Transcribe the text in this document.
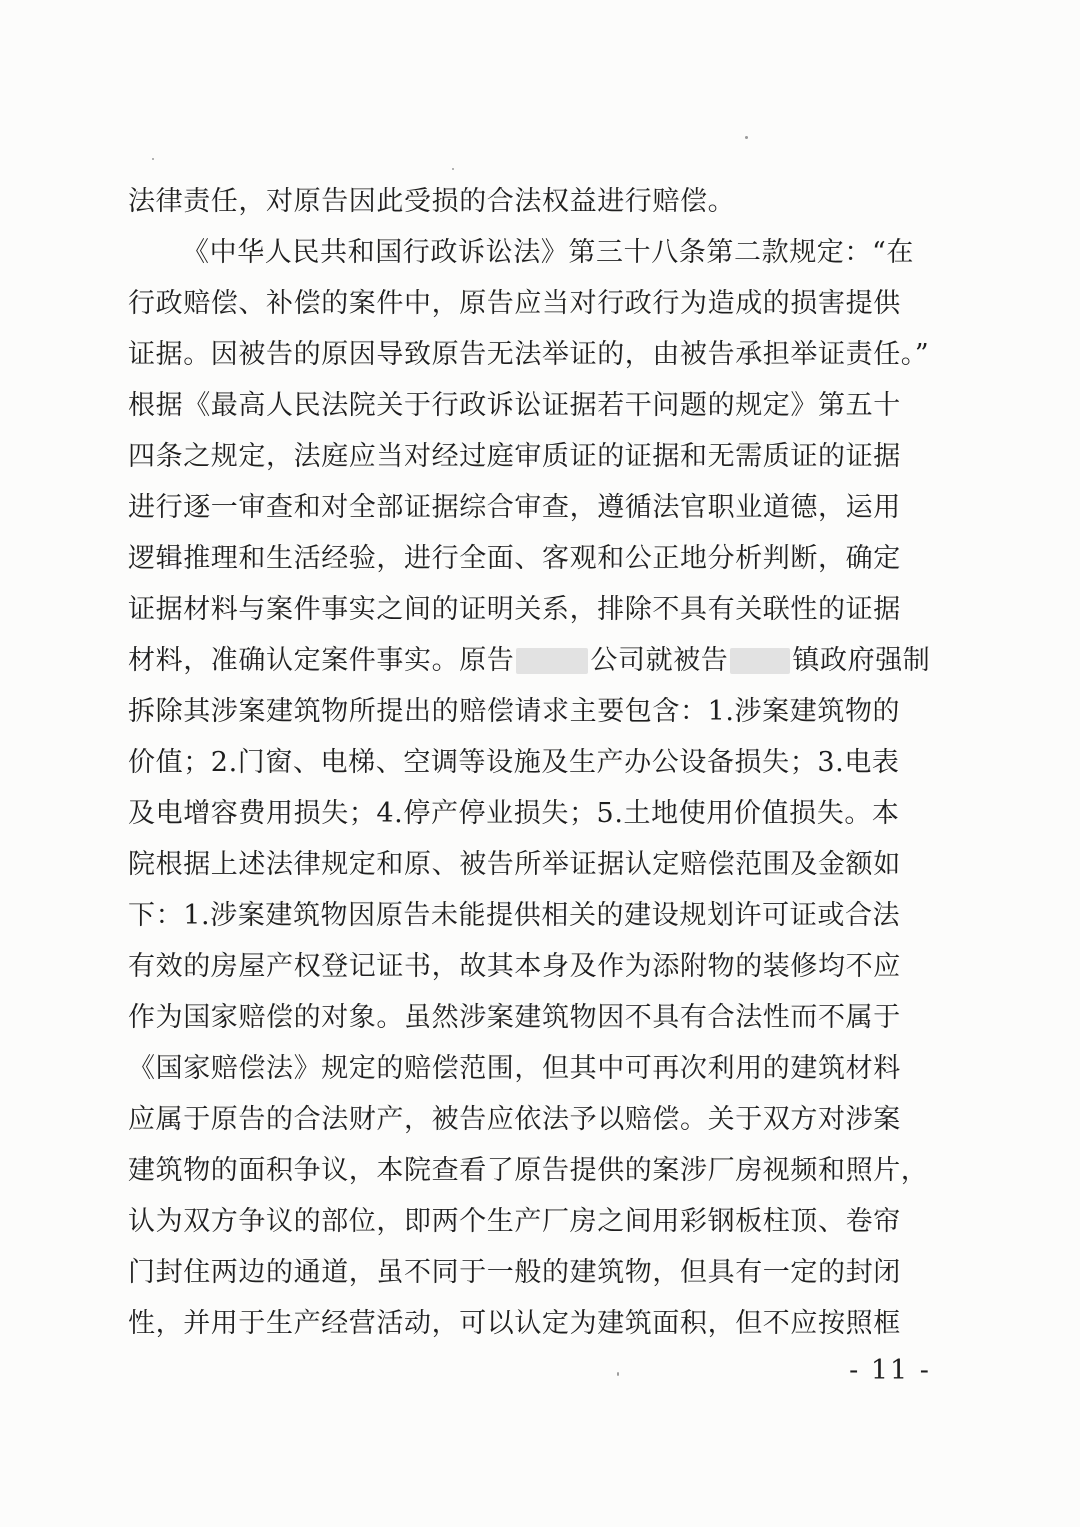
法律责任，对原告因此受损的合法权益进行赔偿。
《中华人民共和国行政诉讼法》第三十八条第二款规定：“在
行政赔偿、补偿的案件中，原告应当对行政行为造成的损害提供
证据。因被告的原因导致原告无法举证的，由被告承担举证责任。”
根据《最高人民法院关于行政诉讼证据若干问题的规定》第五十
四条之规定，法庭应当对经过庭审质证的证据和无需质证的证据
进行逐一审查和对全部证据综合审查，遵循法官职业道德，运用
逻辑推理和生活经验，进行全面、客观和公正地分析判断，确定
证据材料与案件事实之间的证明关系，排除不具有关联性的证据
材料，准确认定案件事实。原告	公司就被告 镇政府强制
拆除其涉案建筑物所提出的赔偿请求主要包含：1.涉案建筑物的
价值；2.门窗、电梯、空调等设施及生产办公设备损失；3.电表
及电增容费用损失；4.停产停业损失；5.土地使用价值损失。本
院根据上述法律规定和原、被告所举证据认定赔偿范围及金额如
下：1.涉案建筑物因原告未能提供相关的建设规划许可证或合法
有效的房屋产权登记证书，故其本身及作为添附物的装修均不应
作为国家赔偿的对象。虽然涉案建筑物因不具有合法性而不属于
《国家赔偿法》规定的赔偿范围，但其中可再次利用的建筑材料
应属于原告的合法财产，被告应依法予以赔偿。关于双方对涉案
建筑物的面积争议，本院查看了原告提供的案涉厂房视频和照片，
认为双方争议的部位，即两个生产厂房之间用彩钢板柱顶、卷帘
门封住两边的通道，虽不同于一般的建筑物，但具有一定的封闭
性，并用于生产经营活动，可以认定为建筑面积，但不应按照框
- 11 -
